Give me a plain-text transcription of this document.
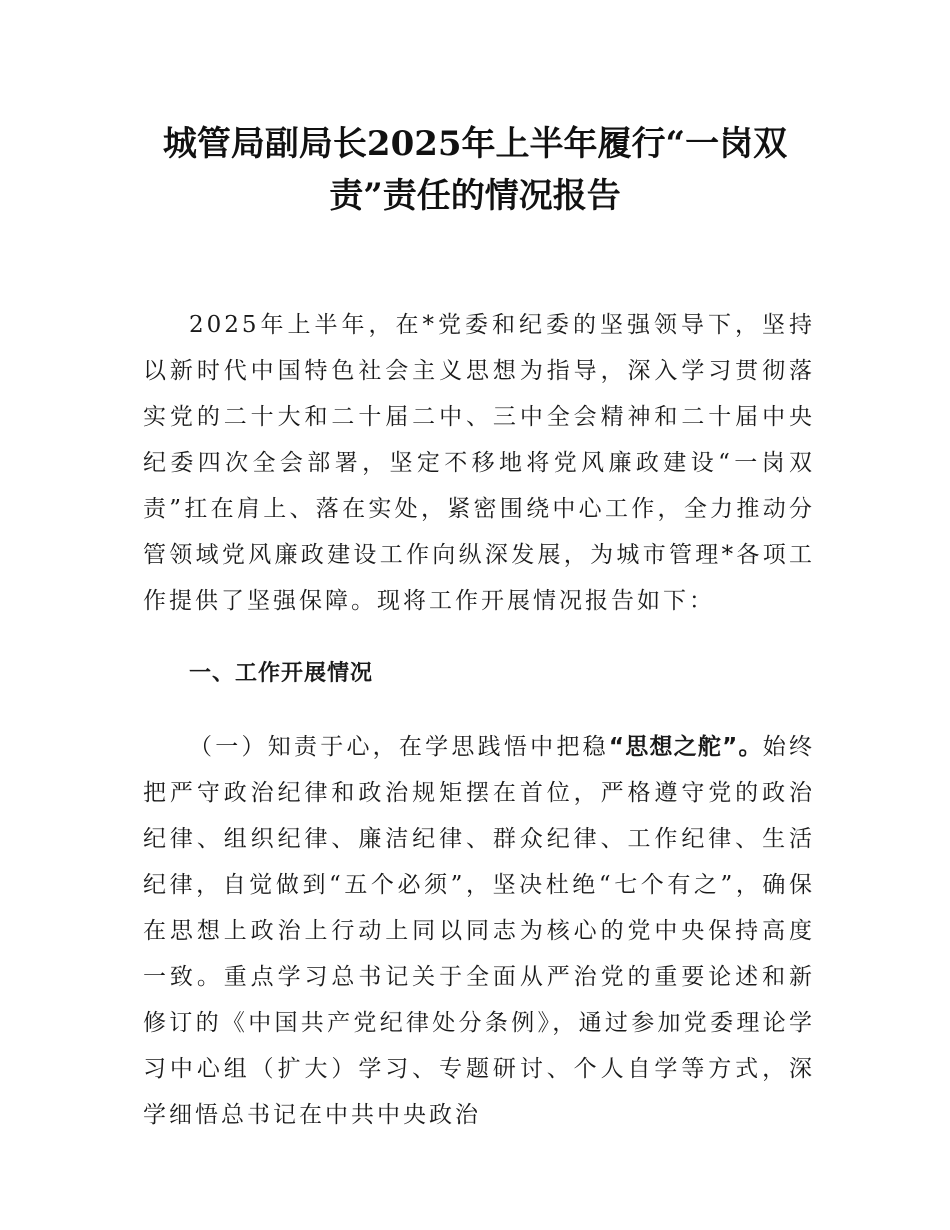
城管局副局长2025年上半年履行“一岗双责”责任的情况报告

2025年上半年，在*党委和纪委的坚强领导下，坚持以新时代中国特色社会主义思想为指导，深入学习贯彻落实党的二十大和二十届二中、三中全会精神和二十届中央纪委四次全会部署，坚定不移地将党风廉政建设“一岗双责”扛在肩上、落在实处，紧密围绕中心工作，全力推动分管领域党风廉政建设工作向纵深发展，为城市管理*各项工作提供了坚强保障。现将工作开展情况报告如下：

一、工作开展情况

（一）知责于心，在学思践悟中把稳“思想之舵”。始终把严守政治纪律和政治规矩摆在首位，严格遵守党的政治纪律、组织纪律、廉洁纪律、群众纪律、工作纪律、生活纪律，自觉做到“五个必须”，坚决杜绝“七个有之”，确保在思想上政治上行动上同以同志为核心的党中央保持高度一致。重点学习总书记关于全面从严治党的重要论述和新修订的《中国共产党纪律处分条例》，通过参加党委理论学习中心组（扩大）学习、专题研讨、个人自学等方式，深学细悟总书记在中共中央政治
